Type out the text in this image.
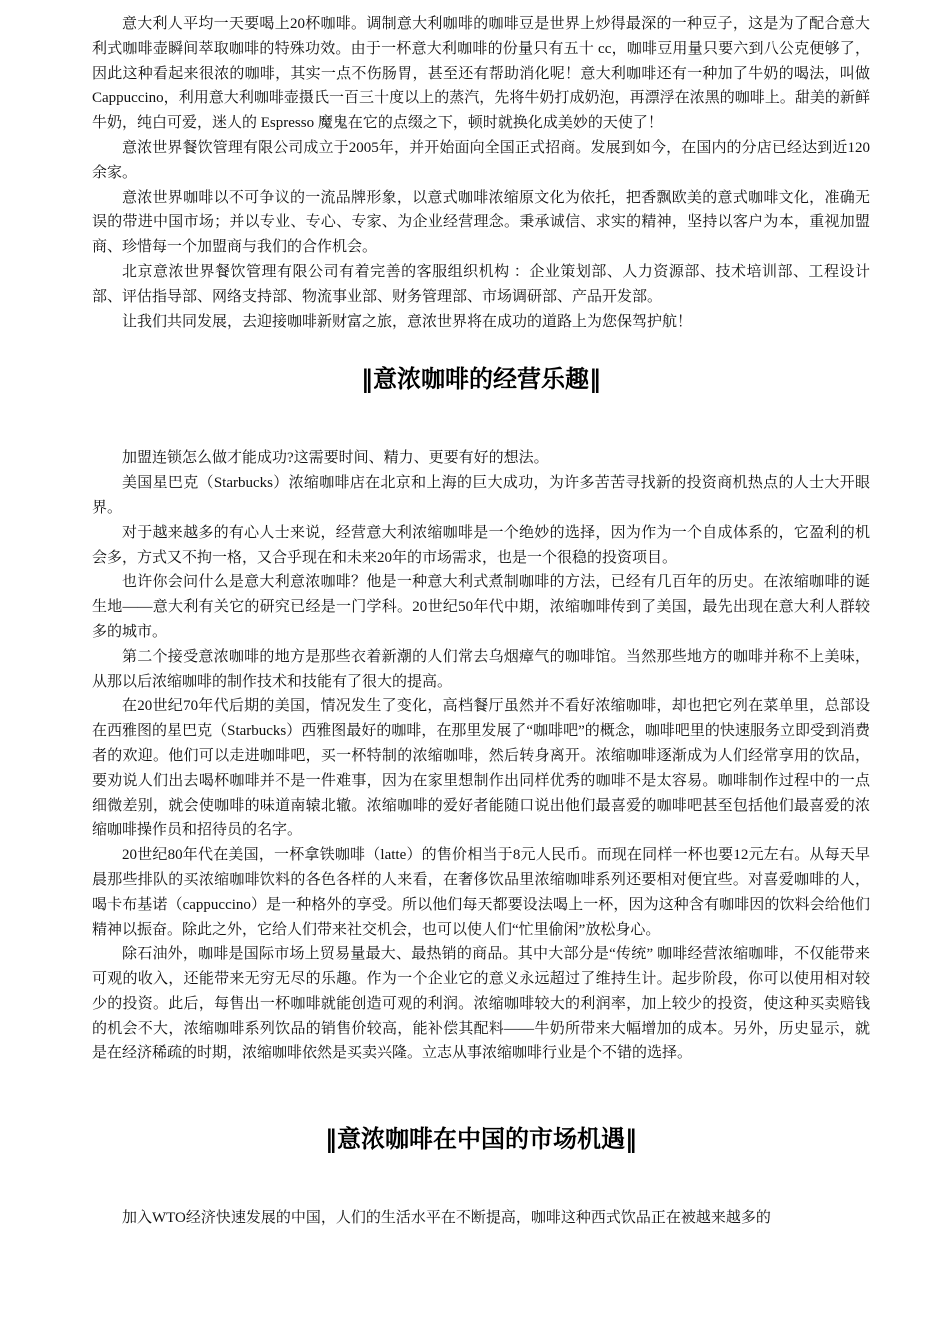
意大利人平均一天要喝上20杯咖啡。调制意大利咖啡的咖啡豆是世界上炒得最深的一种豆子，这是为了配合意大利式咖啡壶瞬间萃取咖啡的特殊功效。由于一杯意大利咖啡的份量只有五十 cc，咖啡豆用量只要六到八公克便够了，因此这种看起来很浓的咖啡，其实一点不伤肠胃，甚至还有帮助消化呢！意大利咖啡还有一种加了牛奶的喝法，叫做 Cappuccino，利用意大利咖啡壶摄氏一百三十度以上的蒸汽，先将牛奶打成奶泡，再漂浮在浓黑的咖啡上。甜美的新鲜牛奶，纯白可爱，迷人的 Espresso 魔鬼在它的点缀之下，顿时就换化成美妙的天使了！

意浓世界餐饮管理有限公司成立于2005年，并开始面向全国正式招商。发展到如今，在国内的分店已经达到近120余家。

意浓世界咖啡以不可争议的一流品牌形象，以意式咖啡浓缩原文化为依托，把香飘欧美的意式咖啡文化，准确无误的带进中国市场；并以专业、专心、专家、为企业经营理念。秉承诚信、求实的精神，坚持以客户为本，重视加盟商、珍惜每一个加盟商与我们的合作机会。

北京意浓世界餐饮管理有限公司有着完善的客服组织机构 ：企业策划部、人力资源部、技术培训部、工程设计部、评估指导部、网络支持部、物流事业部、财务管理部、市场调研部、产品开发部。

让我们共同发展，去迎接咖啡新财富之旅，意浓世界将在成功的道路上为您保驾护航！

‖意浓咖啡的经营乐趣‖

加盟连锁怎么做才能成功?这需要时间、精力、更要有好的想法。

美国星巴克（Starbucks）浓缩咖啡店在北京和上海的巨大成功，为许多苦苦寻找新的投资商机热点的人士大开眼界。

对于越来越多的有心人士来说，经营意大利浓缩咖啡是一个绝妙的选择，因为作为一个自成体系的，它盈利的机会多，方式又不拘一格，又合乎现在和未来20年的市场需求，也是一个很稳的投资项目。

也许你会问什么是意大利意浓咖啡？他是一种意大利式煮制咖啡的方法，已经有几百年的历史。在浓缩咖啡的诞生地——意大利有关它的研究已经是一门学科。20世纪50年代中期，浓缩咖啡传到了美国，最先出现在意大利人群较多的城市。

第二个接受意浓咖啡的地方是那些衣着新潮的人们常去乌烟瘴气的咖啡馆。当然那些地方的咖啡并称不上美味，从那以后浓缩咖啡的制作技术和技能有了很大的提高。

在20世纪70年代后期的美国，情况发生了变化，高档餐厅虽然并不看好浓缩咖啡，却也把它列在菜单里，总部设在西雅图的星巴克（Starbucks）西雅图最好的咖啡，在那里发展了“咖啡吧”的概念，咖啡吧里的快速服务立即受到消费者的欢迎。他们可以走进咖啡吧，买一杯特制的浓缩咖啡，然后转身离开。浓缩咖啡逐渐成为人们经常享用的饮品，要劝说人们出去喝杯咖啡并不是一件难事，因为在家里想制作出同样优秀的咖啡不是太容易。咖啡制作过程中的一点细微差别，就会使咖啡的味道南辕北辙。浓缩咖啡的爱好者能随口说出他们最喜爱的咖啡吧甚至包括他们最喜爱的浓缩咖啡操作员和招待员的名字。

20世纪80年代在美国，一杯拿铁咖啡（latte）的售价相当于8元人民币。而现在同样一杯也要12元左右。从每天早晨那些排队的买浓缩咖啡饮料的各色各样的人来看，在奢侈饮品里浓缩咖啡系列还要相对便宜些。对喜爱咖啡的人，喝卡布基诺（cappuccino）是一种格外的享受。所以他们每天都要设法喝上一杯，因为这种含有咖啡因的饮料会给他们精神以振奋。除此之外，它给人们带来社交机会，也可以使人们“忙里偷闲”放松身心。

除石油外，咖啡是国际市场上贸易量最大、最热销的商品。其中大部分是“传统” 咖啡经营浓缩咖啡，不仅能带来可观的收入，还能带来无穷无尽的乐趣。作为一个企业它的意义永远超过了维持生计。起步阶段，你可以使用相对较少的投资。此后，每售出一杯咖啡就能创造可观的利润。浓缩咖啡较大的利润率，加上较少的投资，使这种买卖赔钱的机会不大，浓缩咖啡系列饮品的销售价较高，能补偿其配料——牛奶所带来大幅增加的成本。另外，历史显示，就是在经济稀疏的时期，浓缩咖啡依然是买卖兴隆。立志从事浓缩咖啡行业是个不错的选择。

‖意浓咖啡在中国的市场机遇‖

加入WTO经济快速发展的中国，人们的生活水平在不断提高，咖啡这种西式饮品正在被越来越多的
